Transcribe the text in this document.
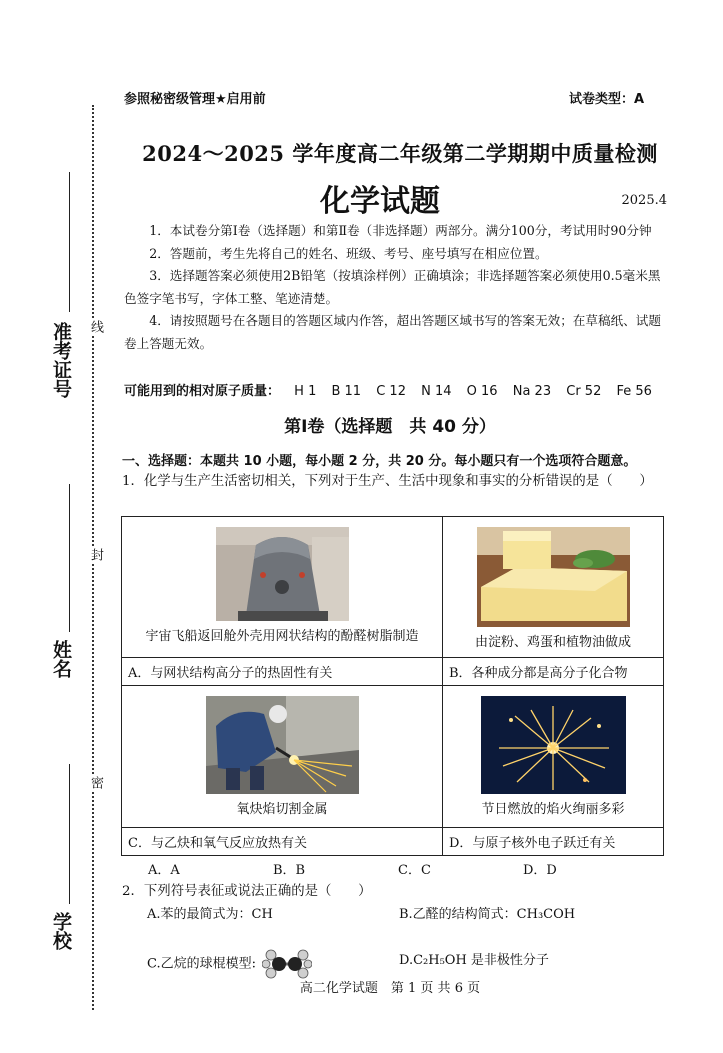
线
封
密
准考证号
姓名
学校
参照秘密级管理★启用前	试卷类型：A
2024～2025 学年度高二年级第二学期期中质量检测
化学试题	2025.4

1．本试卷分第Ⅰ卷（选择题）和第Ⅱ卷（非选择题）两部分。满分100分，考试用时90分钟

2．答题前，考生先将自己的姓名、班级、考号、座号填写在相应位置。

3．选择题答案必须使用2B铅笔（按填涂样例）正确填涂；非选择题答案必须使用0.5毫米黑色签字笔书写，字体工整、笔迹清楚。

4．请按照题号在各题目的答题区域内作答，超出答题区域书写的答案无效；在草稿纸、试题卷上答题无效。

可能用到的相对原子质量： H 1 B 11 C 12 N 14 O 16 Na 23 Cr 52 Fe 56
第Ⅰ卷（选择题　共 40 分）
一、选择题：本题共 10 小题，每小题 2 分，共 20 分。每小题只有一个选项符合题意。
1．化学与生产生活密切相关，下列对于生产、生活中现象和事实的分析错误的是（　　）
宇宙飞船返回舱外壳用网状结构的酚醛树脂制造	由淀粉、鸡蛋和植物油做成

A．与网状结构高分子的热固性有关	B．各种成分都是高分子化合物

氧炔焰切割金属	节日燃放的焰火绚丽多彩

C．与乙炔和氧气反应放热有关	D．与原子核外电子跃迁有关
A．A	B．B	C．C	D．D
2．下列符号表征或说法正确的是（　　）
A.苯的最简式为：CH	B.乙醛的结构简式：CH₃COH
C.乙烷的球棍模型:	D.C₂H₅OH 是非极性分子
高二化学试题　第 1 页 共 6 页
